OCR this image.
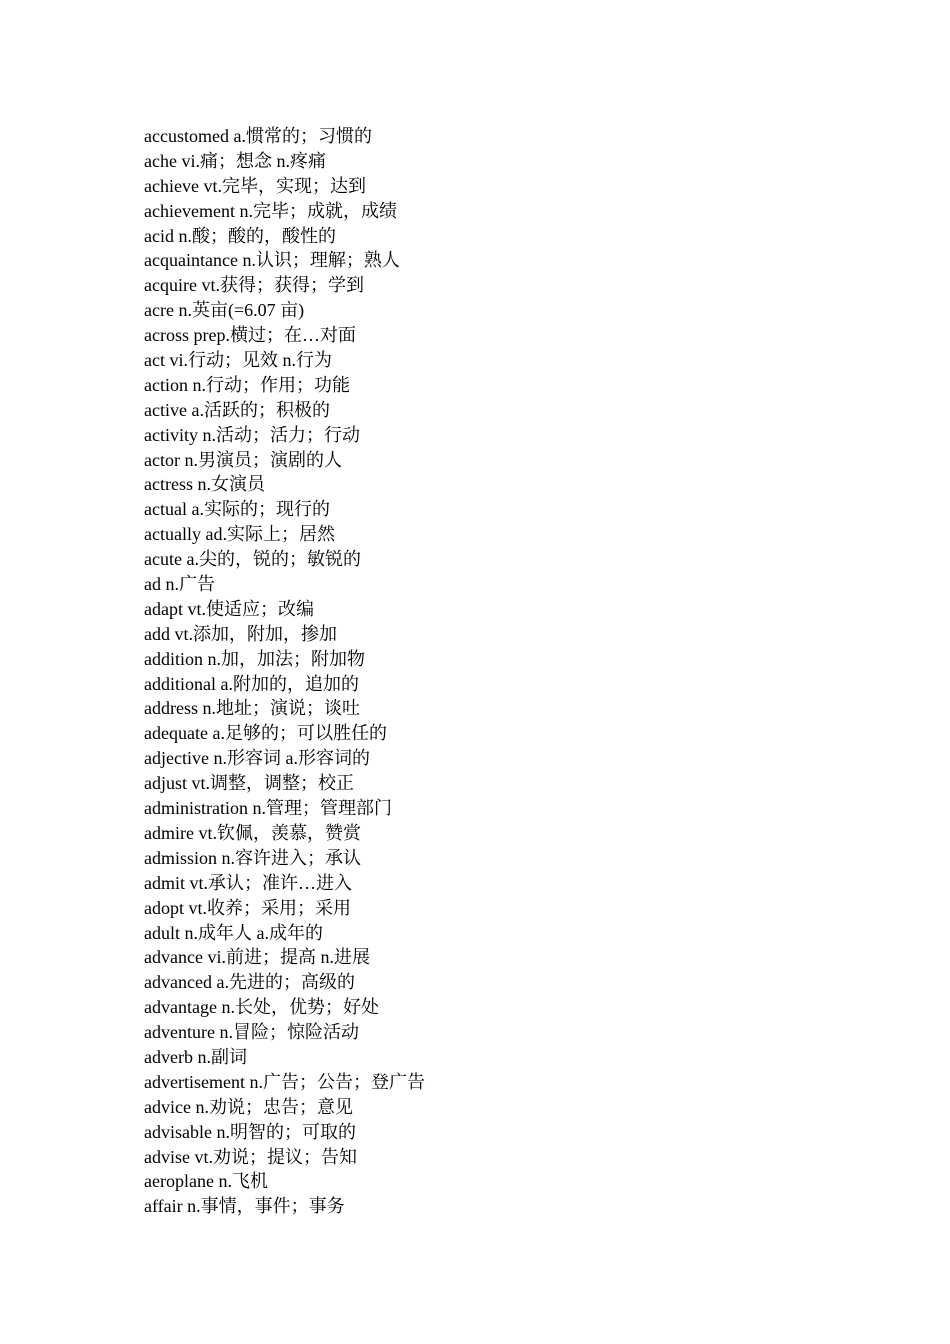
accustomed a.惯常的；习惯的
ache vi.痛；想念 n.疼痛
achieve vt.完毕，实现；达到
achievement n.完毕；成就，成绩
acid n.酸；酸的，酸性的
acquaintance n.认识；理解；熟人
acquire vt.获得；获得；学到
acre n.英亩(=6.07 亩)
across prep.横过；在…对面
act vi.行动；见效 n.行为
action n.行动；作用；功能
active a.活跃的；积极的
activity n.活动；活力；行动
actor n.男演员；演剧的人
actress n.女演员
actual a.实际的；现行的
actually ad.实际上；居然
acute a.尖的，锐的；敏锐的
ad n.广告
adapt vt.使适应；改编
add vt.添加，附加，掺加
addition n.加，加法；附加物
additional a.附加的，追加的
address n.地址；演说；谈吐
adequate a.足够的；可以胜任的
adjective n.形容词 a.形容词的
adjust vt.调整，调整；校正
administration n.管理；管理部门
admire vt.钦佩，羡慕，赞赏
admission n.容许进入；承认
admit vt.承认；准许…进入
adopt vt.收养；采用；采用
adult n.成年人 a.成年的
advance vi.前进；提高 n.进展
advanced a.先进的；高级的
advantage n.长处，优势；好处
adventure n.冒险；惊险活动
adverb n.副词
advertisement n.广告；公告；登广告
advice n.劝说；忠告；意见
advisable n.明智的；可取的
advise vt.劝说；提议；告知
aeroplane n.飞机
affair n.事情，事件；事务
